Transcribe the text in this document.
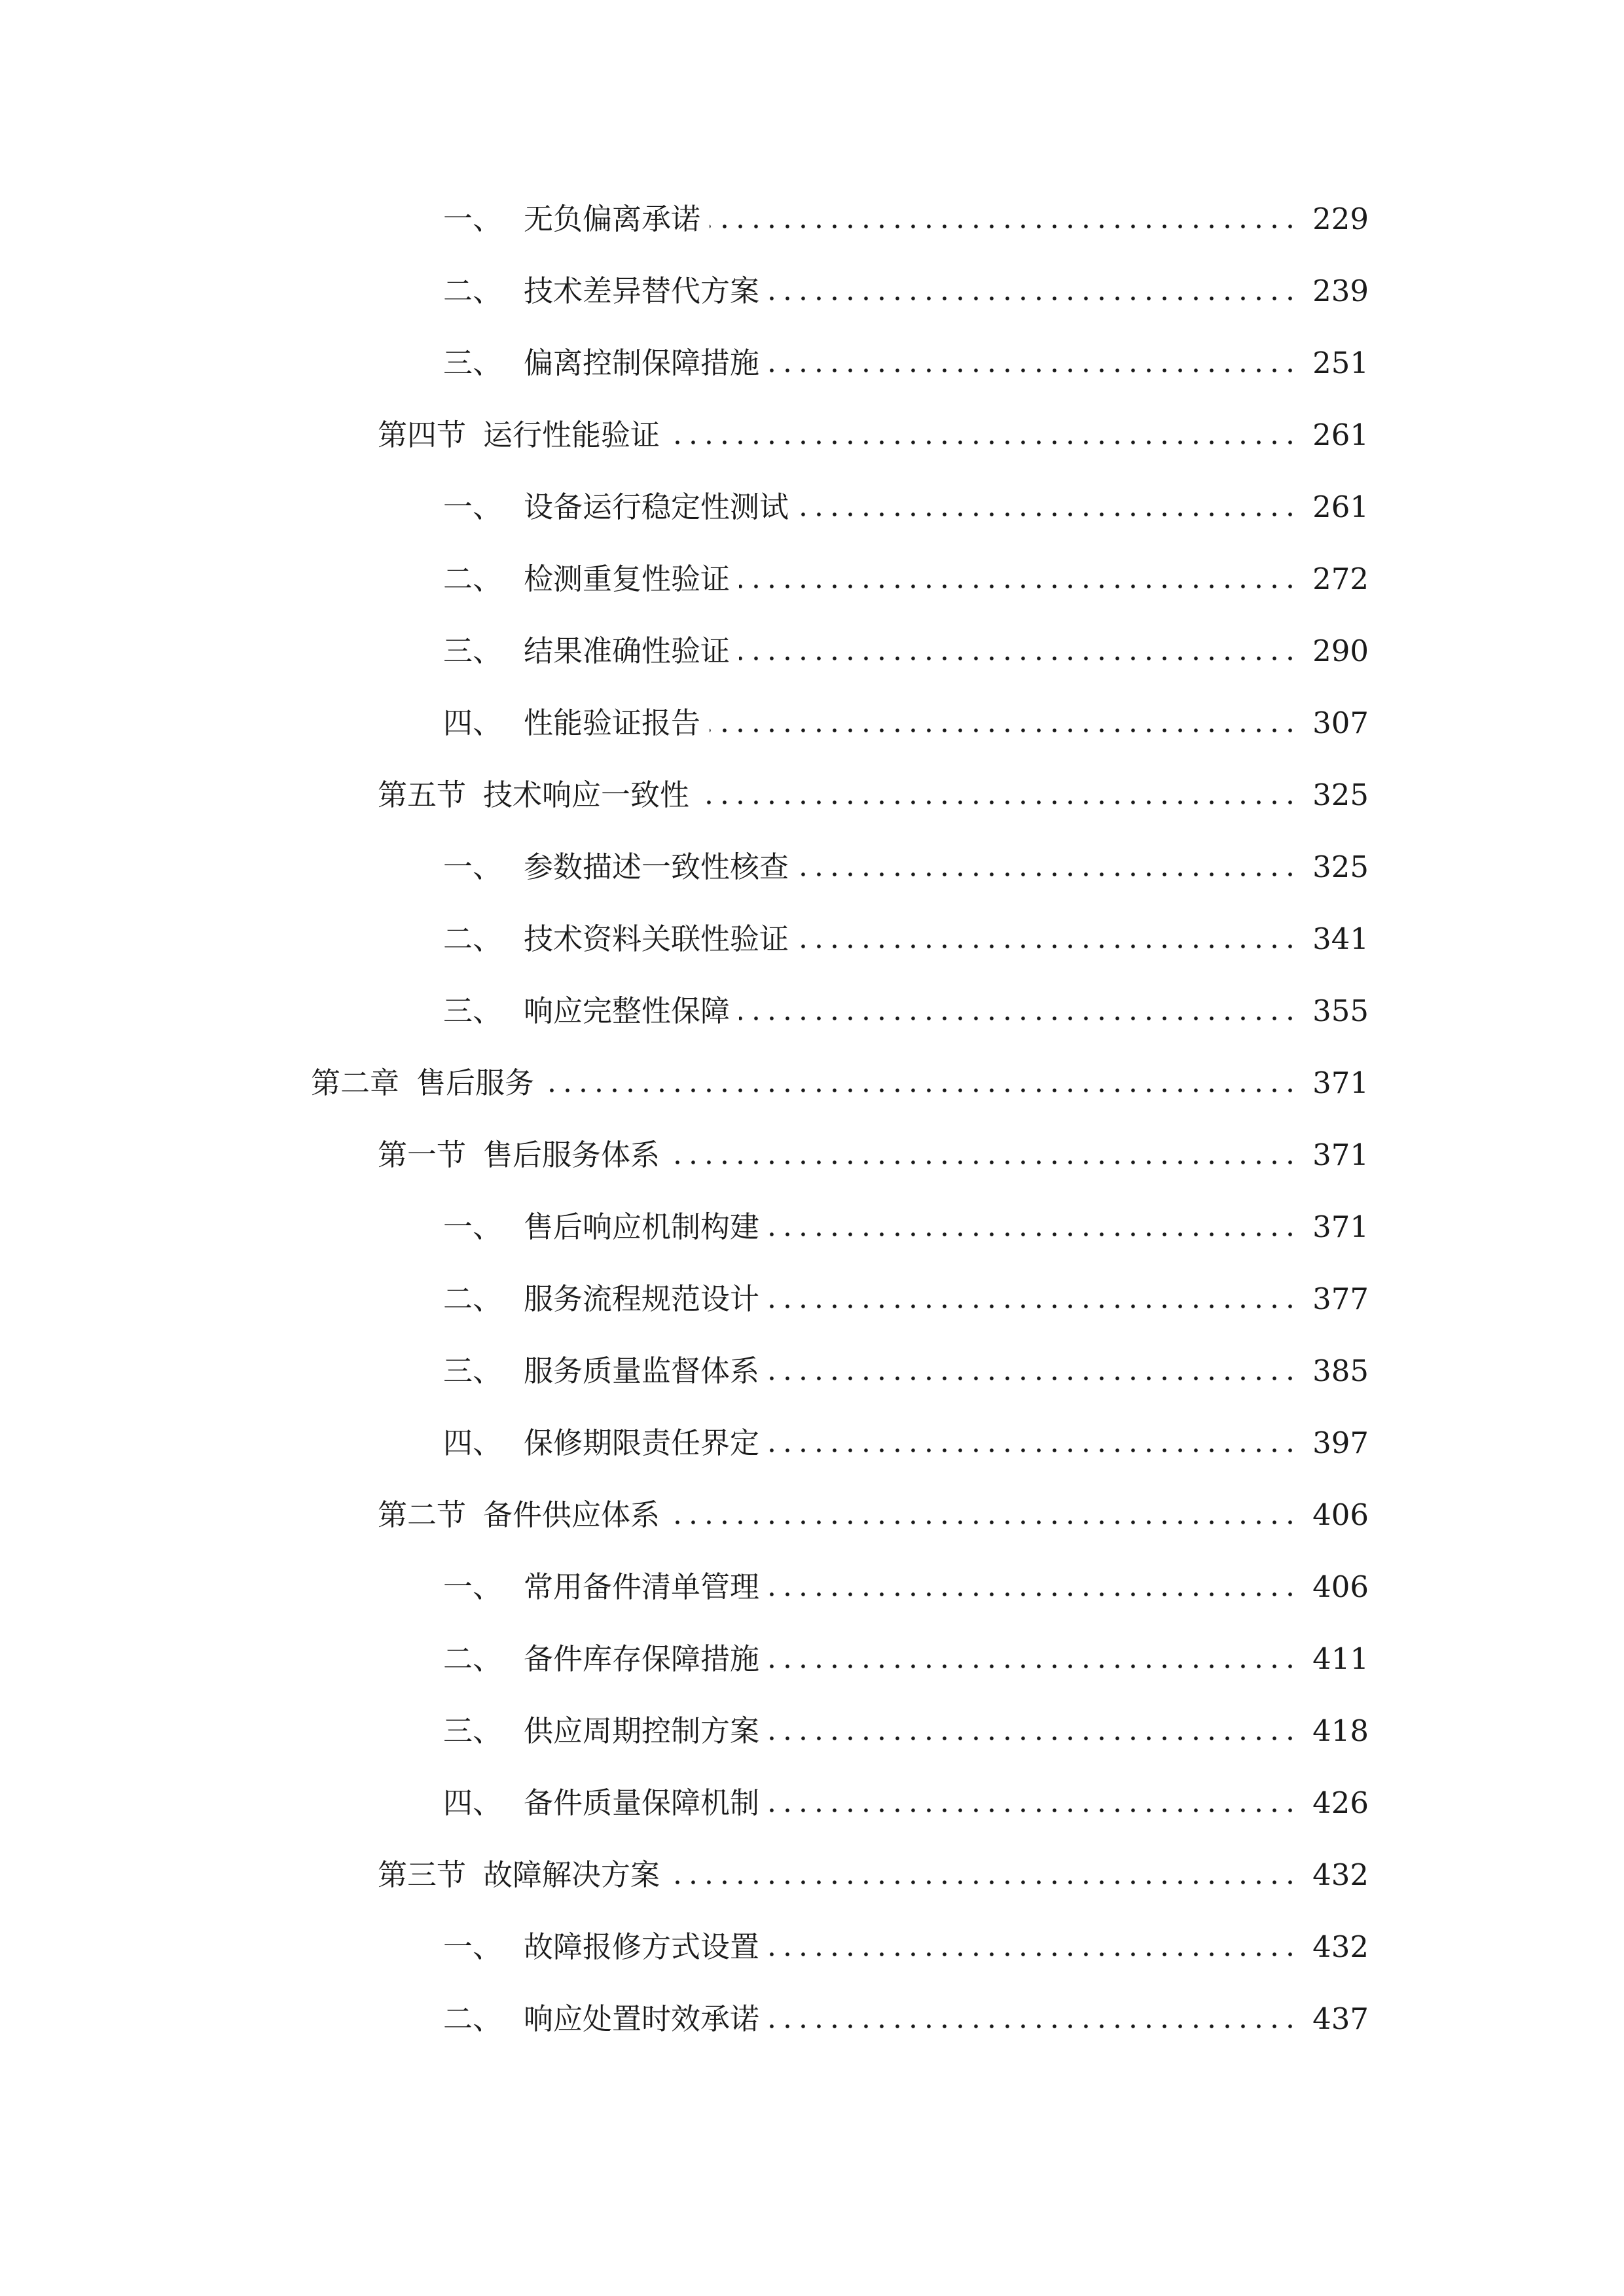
一、 无负偏离承诺	229
二、 技术差异替代方案	239
三、 偏离控制保障措施	251
第四节 运行性能验证	261
一、 设备运行稳定性测试	261
二、 检测重复性验证	272
三、 结果准确性验证	290
四、 性能验证报告	307
第五节 技术响应一致性	325
一、 参数描述一致性核查	325
二、 技术资料关联性验证	341
三、 响应完整性保障	355
第二章 售后服务	371
第一节 售后服务体系	371
一、 售后响应机制构建	371
二、 服务流程规范设计	377
三、 服务质量监督体系	385
四、 保修期限责任界定	397
第二节 备件供应体系	406
一、 常用备件清单管理	406
二、 备件库存保障措施	411
三、 供应周期控制方案	418
四、 备件质量保障机制	426
第三节 故障解决方案	432
一、 故障报修方式设置	432
二、 响应处置时效承诺	437
